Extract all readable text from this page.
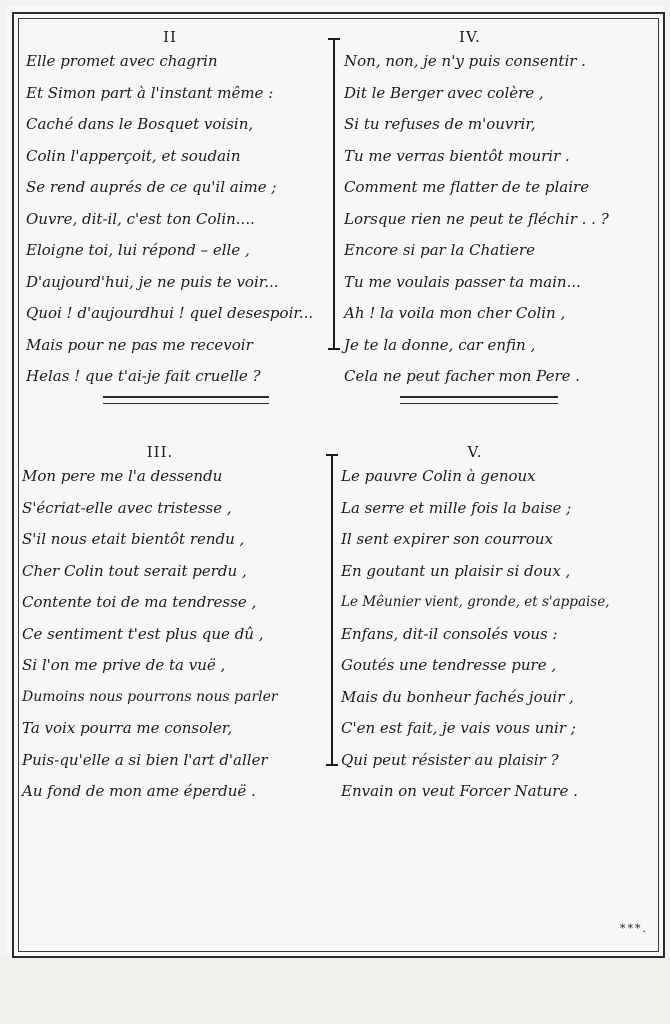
II
Elle promet avec chagrin
Et Simon part à l'instant même :
Caché dans le Bosquet voisin,
Colin l'apperçoit, et soudain
Se rend auprés de ce qu'il aime ;
Ouvre, dit-il, c'est ton Colin....
Eloigne toi, lui répond – elle ,
D'aujourd'hui, je ne puis te voir...
Quoi ! d'aujourdhui ! quel desespoir...
Mais pour ne pas me recevoir
Helas ! que t'ai-je fait cruelle ?
IV.
Non, non, je n'y puis consentir .
Dit le Berger avec colère ,
Si tu refuses de m'ouvrir,
Tu me verras bientôt mourir .
Comment me flatter de te plaire
Lorsque rien ne peut te fléchir . . ?
Encore si par la Chatiere
Tu me voulais passer ta main...
Ah ! la voila mon cher Colin ,
Je te la donne, car enfin ,
Cela ne peut facher mon Pere .
III.
Mon pere me l'a dessendu
S'écriat-elle avec tristesse ,
S'il nous etait bientôt rendu ,
Cher Colin tout serait perdu ,
Contente toi de ma tendresse ,
Ce sentiment t'est plus que dû ,
Si l'on me prive de ta vuë ,
Dumoins nous pourrons nous parler
Ta voix pourra me consoler,
Puis-qu'elle a si bien l'art d'aller
Au fond de mon ame éperduë .
V.
Le pauvre Colin à genoux
La serre et mille fois la baise ;
Il sent expirer son courroux
En goutant un plaisir si doux ,
Le Mêunier vient, gronde, et s'appaise,
Enfans, dit-il consolés vous :
Goutés une tendresse pure ,
Mais du bonheur fachés jouir ,
C'en est fait, je vais vous unir ;
Qui peut résister au plaisir ?
Envain on veut Forcer Nature .
***.
